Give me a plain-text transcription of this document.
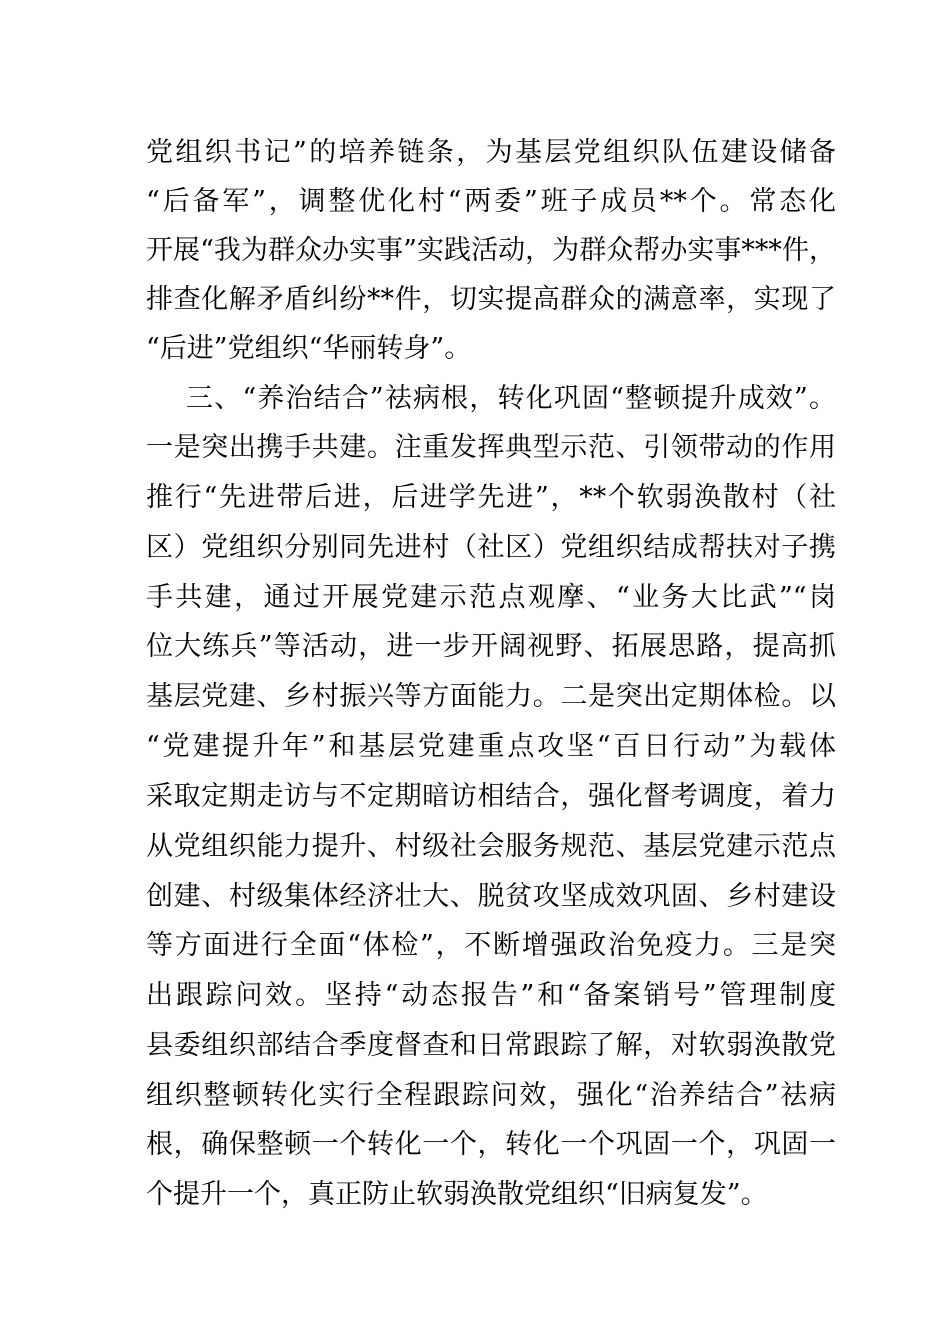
党组织书记”的培养链条，为基层党组织队伍建设储备
“后备军”，调整优化村“两委”班子成员**个。常态化
开展“我为群众办实事”实践活动，为群众帮办实事***件，
排查化解矛盾纠纷**件，切实提高群众的满意率，实现了
“后进”党组织“华丽转身”。
三、“养治结合”祛病根，转化巩固“整顿提升成效”。
一是突出携手共建。注重发挥典型示范、引领带动的作用
推行“先进带后进，后进学先进”，**个软弱涣散村（社
区）党组织分别同先进村（社区）党组织结成帮扶对子携
手共建，通过开展党建示范点观摩、“业务大比武”“岗
位大练兵”等活动，进一步开阔视野、拓展思路，提高抓
基层党建、乡村振兴等方面能力。二是突出定期体检。以
“党建提升年”和基层党建重点攻坚“百日行动”为载体
采取定期走访与不定期暗访相结合，强化督考调度，着力
从党组织能力提升、村级社会服务规范、基层党建示范点
创建、村级集体经济壮大、脱贫攻坚成效巩固、乡村建设
等方面进行全面“体检”，不断增强政治免疫力。三是突
出跟踪问效。坚持“动态报告”和“备案销号”管理制度
县委组织部结合季度督查和日常跟踪了解，对软弱涣散党
组织整顿转化实行全程跟踪问效，强化“治养结合”祛病
根，确保整顿一个转化一个，转化一个巩固一个，巩固一
个提升一个，真正防止软弱涣散党组织“旧病复发”。
